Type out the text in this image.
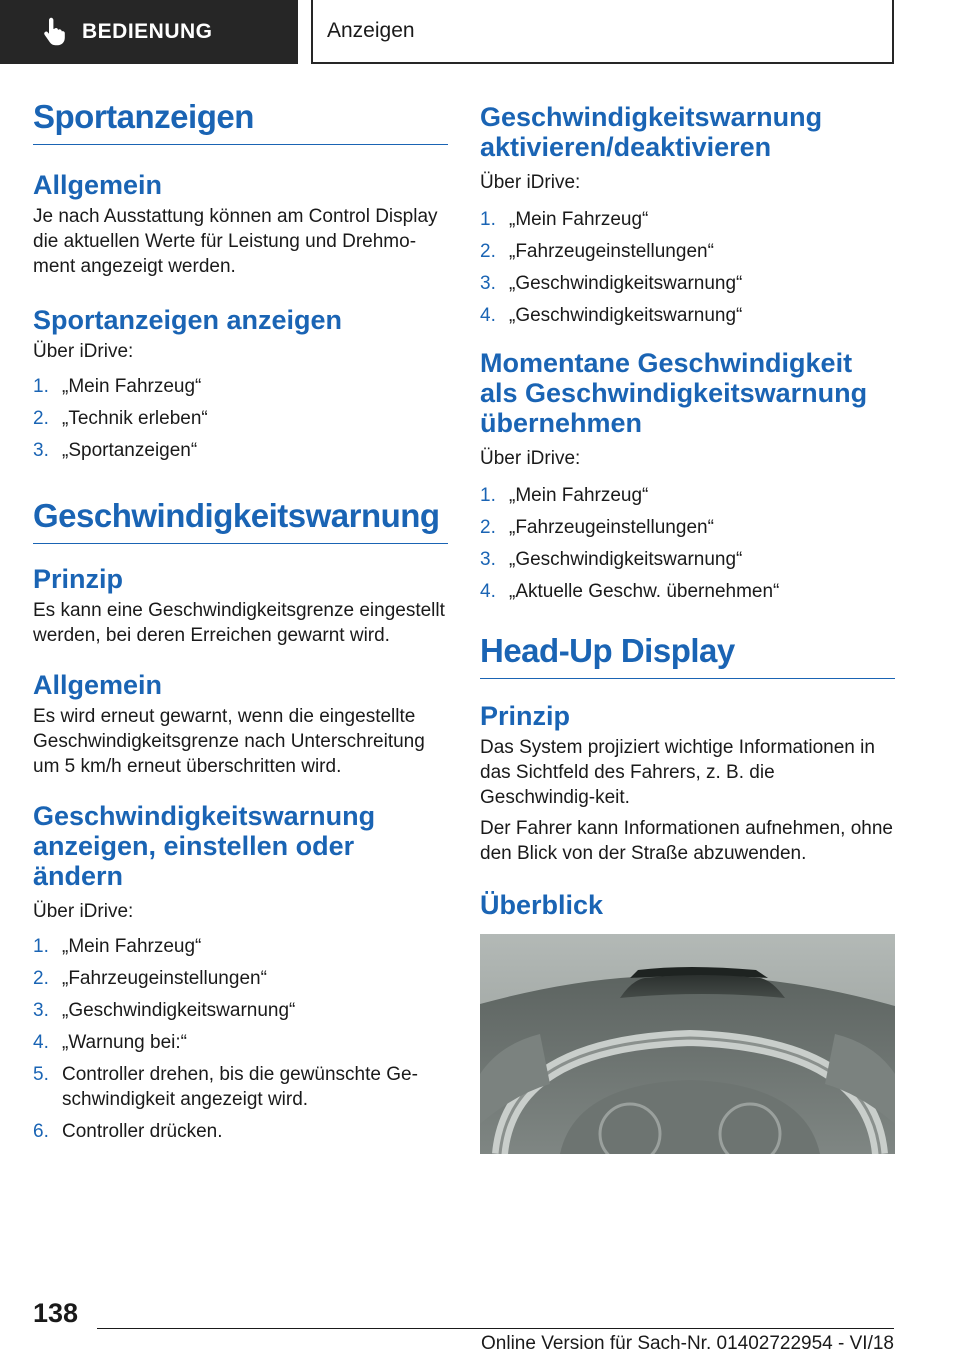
BEDIENUNG	Anzeigen
Sportanzeigen
Allgemein

Je nach Ausstattung können am Control Display die aktuellen Werte für Leistung und Drehmo-ment angezeigt werden.

Sportanzeigen anzeigen

Über iDrive:

1. „Mein Fahrzeug“
2. „Technik erleben“
3. „Sportanzeigen“
Geschwindigkeitswarnung
Prinzip

Es kann eine Geschwindigkeitsgrenze eingestellt werden, bei deren Erreichen gewarnt wird.

Allgemein

Es wird erneut gewarnt, wenn die eingestellte Geschwindigkeitsgrenze nach Unterschreitung um 5 km/h erneut überschritten wird.

Geschwindigkeitswarnung anzeigen, einstellen oder ändern

Über iDrive:

1. „Mein Fahrzeug“
2. „Fahrzeugeinstellungen“
3. „Geschwindigkeitswarnung“
4. „Warnung bei:“
5. Controller drehen, bis die gewünschte Ge-schwindigkeit angezeigt wird.
6. Controller drücken.
Geschwindigkeitswarnung aktivieren/deaktivieren

Über iDrive:

1. „Mein Fahrzeug“
2. „Fahrzeugeinstellungen“
3. „Geschwindigkeitswarnung“
4. „Geschwindigkeitswarnung“
Momentane Geschwindigkeit als Geschwindigkeitswarnung übernehmen

Über iDrive:

1. „Mein Fahrzeug“
2. „Fahrzeugeinstellungen“
3. „Geschwindigkeitswarnung“
4. „Aktuelle Geschw. übernehmen“
Head-Up Display
Prinzip

Das System projiziert wichtige Informationen in das Sichtfeld des Fahrers, z. B. die Geschwindig-keit.

Der Fahrer kann Informationen aufnehmen, ohne den Blick von der Straße abzuwenden.

Überblick
138
Online Version für Sach-Nr. 01402722954 - VI/18
